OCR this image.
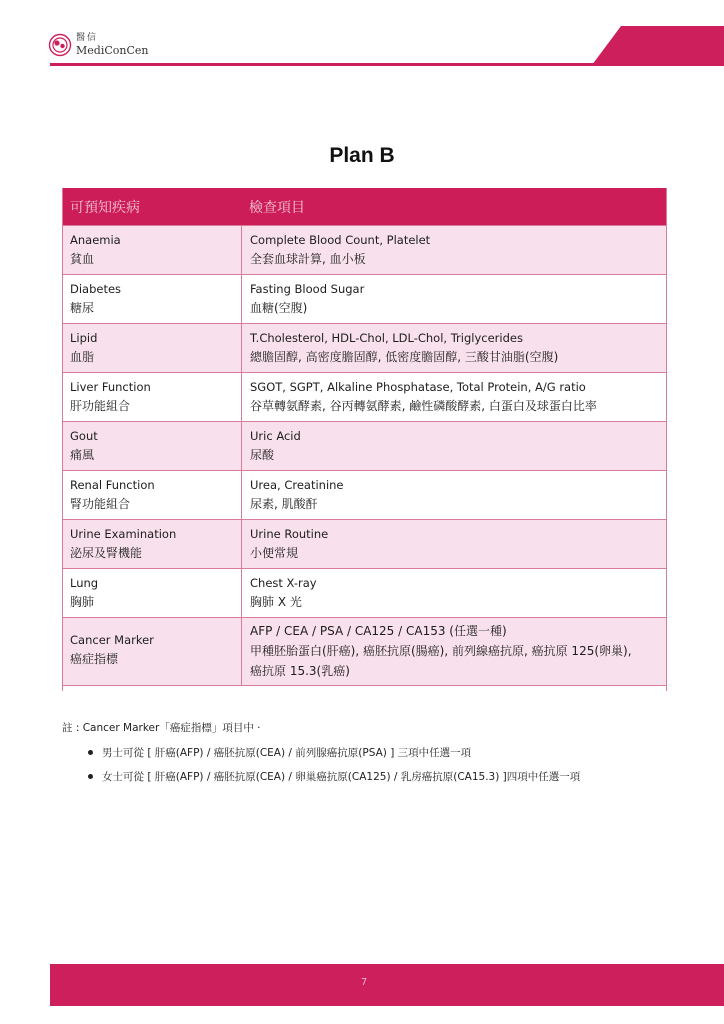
醫信
MediConCen
Plan B
可預知疾病	檢查項目
Anaemia
貧血
Complete Blood Count, Platelet
全套血球計算, 血小板
Diabetes
糖尿
Fasting Blood Sugar
血糖(空腹)
Lipid
血脂
T.Cholesterol, HDL-Chol, LDL-Chol, Triglycerides
總膽固醇, 高密度膽固醇, 低密度膽固醇, 三酸甘油脂(空腹)
Liver Function
肝功能組合
SGOT, SGPT, Alkaline Phosphatase, Total Protein, A/G ratio
谷草轉氨酵素, 谷丙轉氨酵素, 鹼性磷酸酵素, 白蛋白及球蛋白比率
Gout
痛風
Uric Acid
尿酸
Renal Function
腎功能組合
Urea, Creatinine
尿素, 肌酸酐
Urine Examination
泌尿及腎機能
Urine Routine
小便常規
Lung
胸肺
Chest X-ray
胸肺 X 光
Cancer Marker
癌症指標
AFP / CEA / PSA / CA125 / CA153 (任選一種)
甲種胚胎蛋白(肝癌), 癌胚抗原(腸癌), 前列線癌抗原, 癌抗原 125(卵巢),
癌抗原 15.3(乳癌)
註 : Cancer Marker「癌症指標」項目中 ·
男士可從 [ 肝癌(AFP) / 癌胚抗原(CEA) / 前列腺癌抗原(PSA) ] 三項中任選一項
女士可從 [ 肝癌(AFP) / 癌胚抗原(CEA) / 卵巢癌抗原(CA125) / 乳房癌抗原(CA15.3) ]四項中任選一項
7
